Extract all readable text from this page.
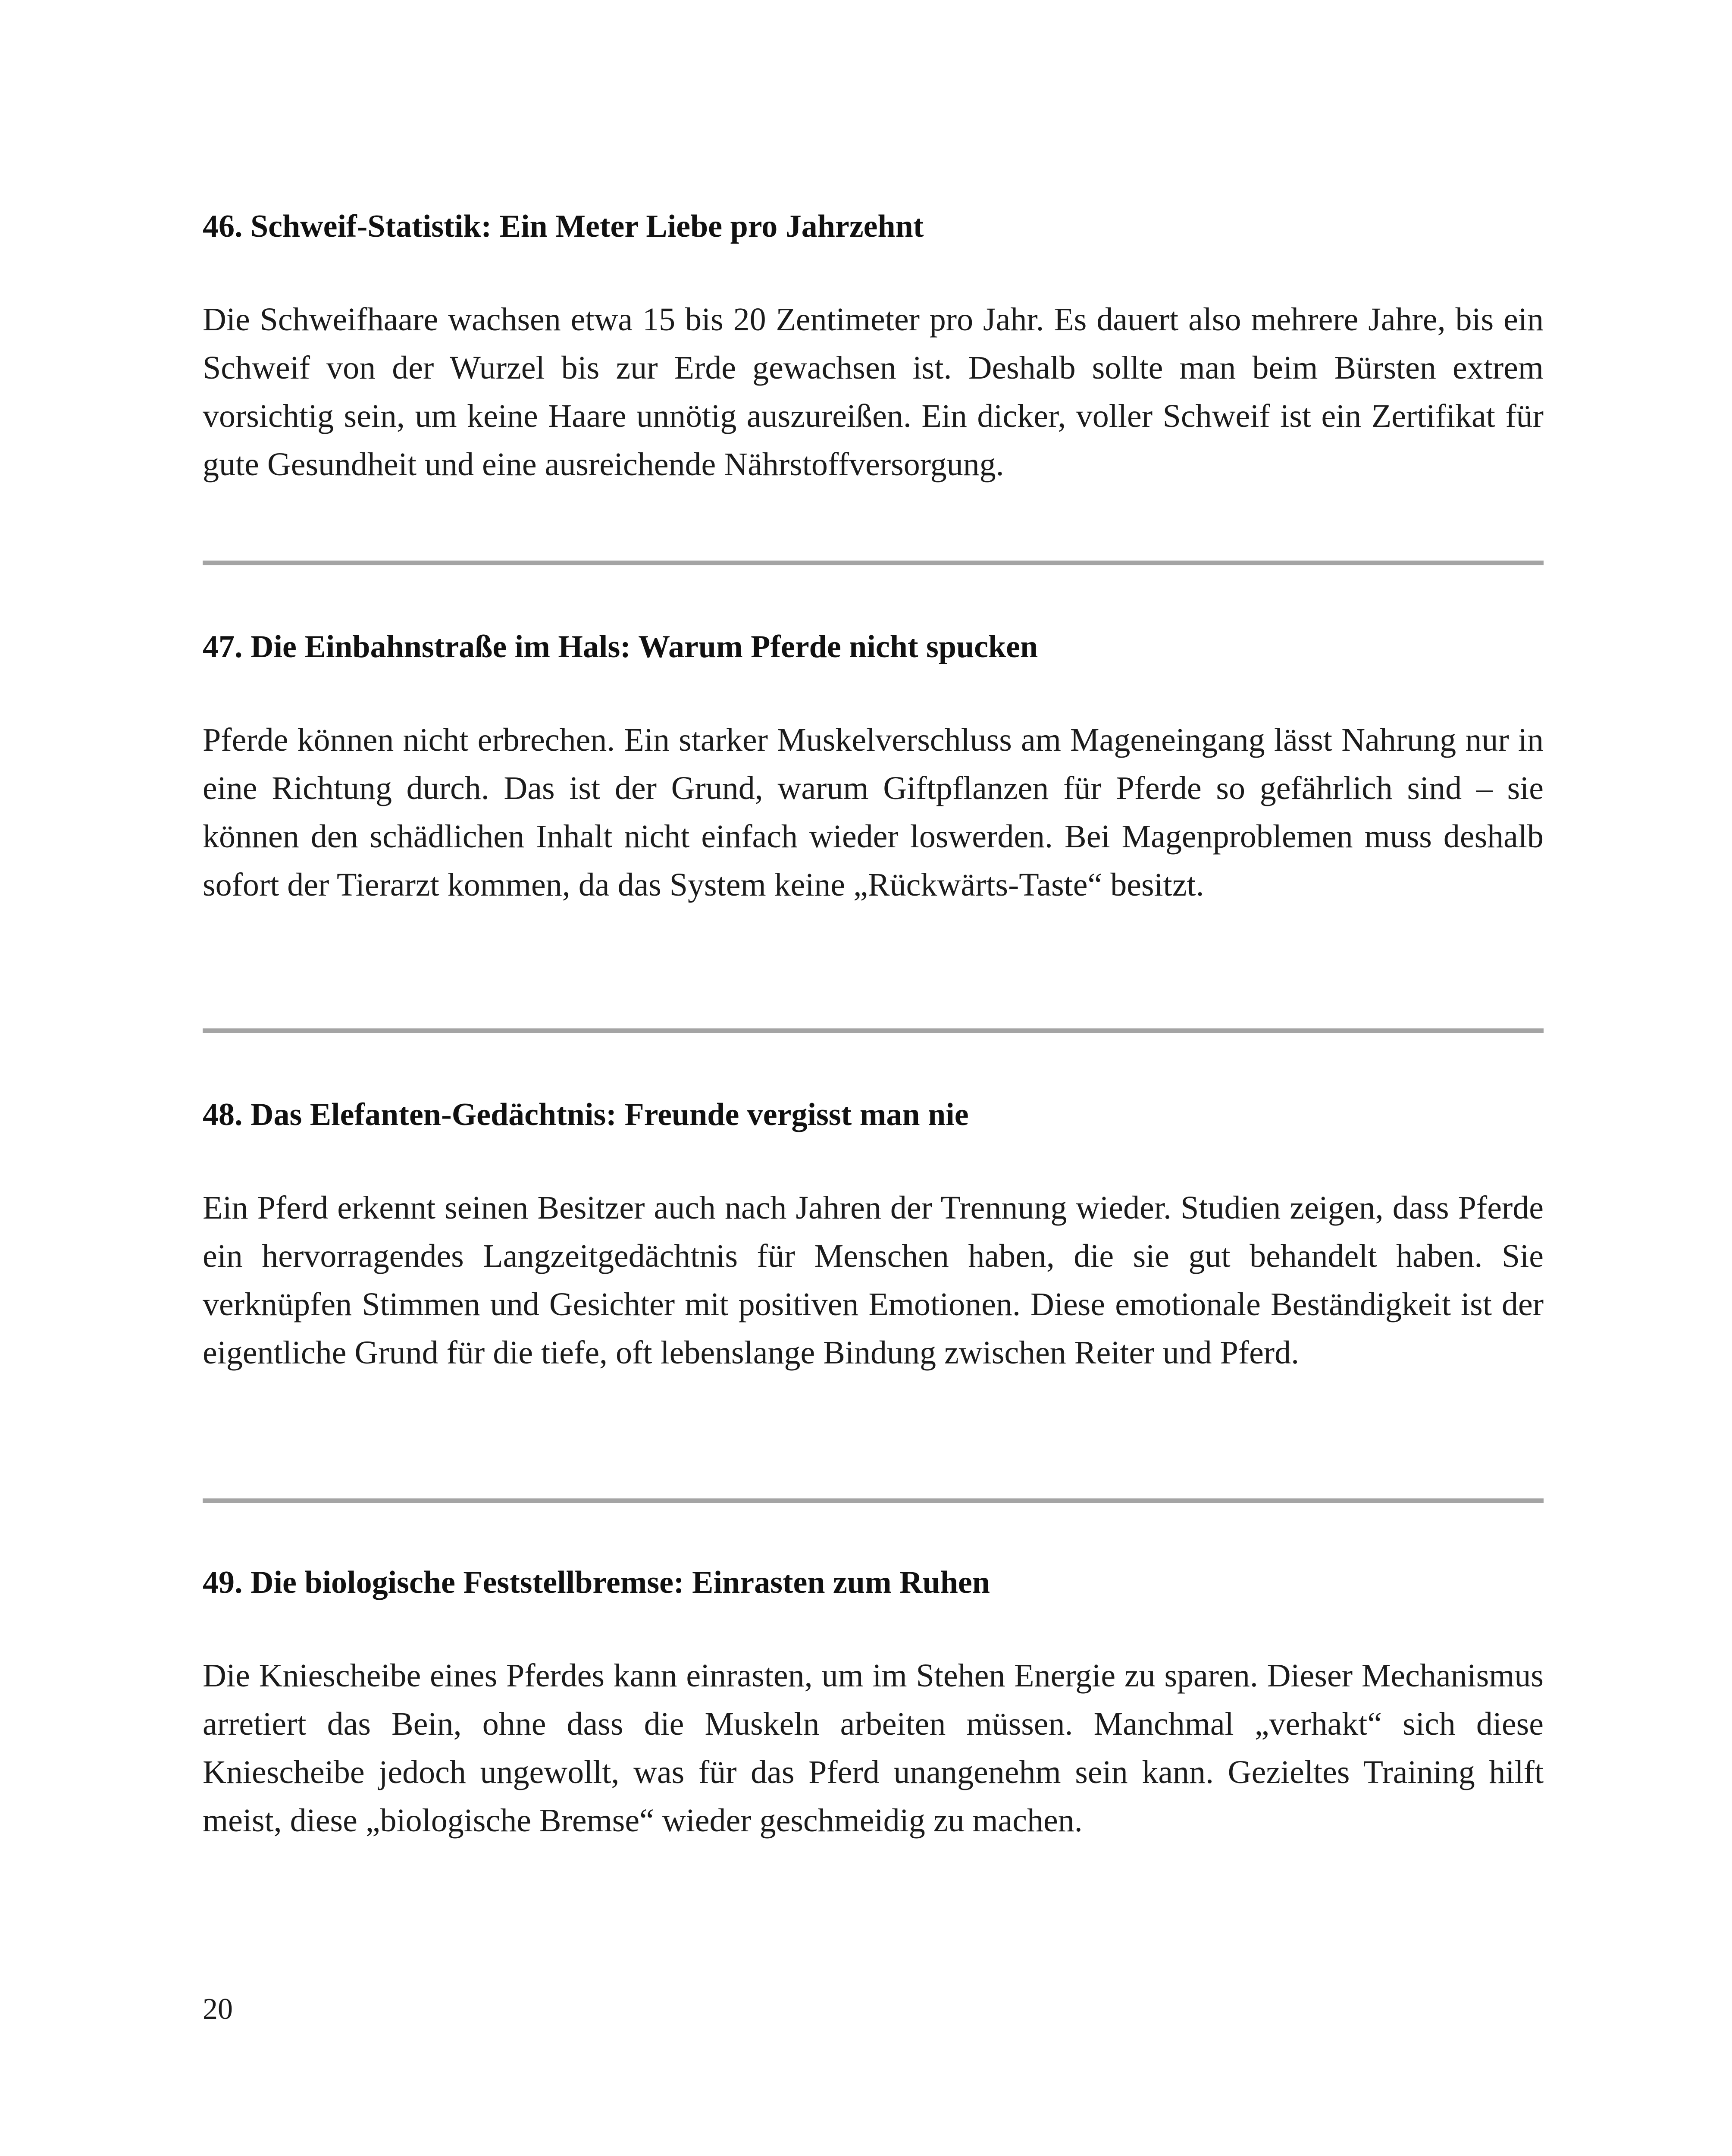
46. Schweif-Statistik: Ein Meter Liebe pro Jahrzehnt

Die Schweifhaare wachsen etwa 15 bis 20 Zentimeter pro Jahr. Es dauert also mehrere Jahre, bis ein Schweif von der Wurzel bis zur Erde gewachsen ist. Deshalb sollte man beim Bürsten extrem vorsichtig sein, um keine Haare unnötig auszureißen. Ein dicker, voller Schweif ist ein Zertifikat für gute Gesundheit und eine ausreichende Nährstoffversorgung.

47. Die Einbahnstraße im Hals: Warum Pferde nicht spucken

Pferde können nicht erbrechen. Ein starker Muskelverschluss am Mageneingang lässt Nahrung nur in eine Richtung durch. Das ist der Grund, warum Giftpflanzen für Pferde so gefährlich sind – sie können den schädlichen Inhalt nicht einfach wieder loswerden. Bei Magenproblemen muss deshalb sofort der Tierarzt kommen, da das System keine „Rückwärts-Taste“ besitzt.

48. Das Elefanten-Gedächtnis: Freunde vergisst man nie

Ein Pferd erkennt seinen Besitzer auch nach Jahren der Trennung wieder. Studien zeigen, dass Pferde ein hervorragendes Langzeitgedächtnis für Menschen haben, die sie gut behandelt haben. Sie verknüpfen Stimmen und Gesichter mit positiven Emotionen. Diese emotionale Beständigkeit ist der eigentliche Grund für die tiefe, oft lebenslange Bindung zwischen Reiter und Pferd.

49. Die biologische Feststellbremse: Einrasten zum Ruhen

Die Kniescheibe eines Pferdes kann einrasten, um im Stehen Energie zu sparen. Dieser Mechanismus arretiert das Bein, ohne dass die Muskeln arbeiten müssen. Manchmal „verhakt“ sich diese Kniescheibe jedoch ungewollt, was für das Pferd unangenehm sein kann. Gezieltes Training hilft meist, diese „biologische Bremse“ wieder geschmeidig zu machen.

20
